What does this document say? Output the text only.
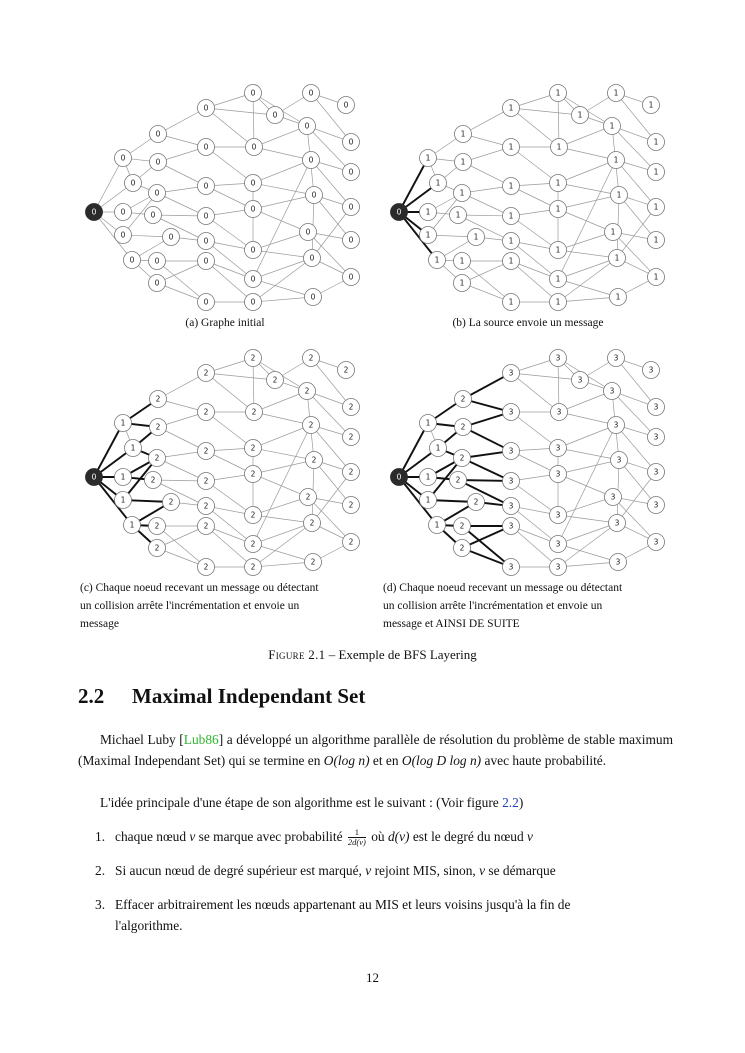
0
0
0
0
0
0
0
0
0
0
0
0
0
0
0
0
0
0
0
0
0
0
0
0
0
0
0
0
0
0
0
0
0
0
0
0
0
0
0
0
0
0
1
1
1
1
1
1
1
1
1
1
1
1
1
1
1
1
1
1
1
1
1
1
1
1
1
1
1
1
1
1
1
1
1
1
1
1
1
1
1
1
0
1
1
1
1
1
2
2
2
2
2
2
2
2
2
2
2
2
2
2
2
2
2
2
2
2
2
2
2
2
2
2
2
2
2
2
2
2
2
2
2
0
1
1
1
1
1
2
2
2
2
2
2
2
3
3
3
3
3
3
3
3
3
3
3
3
3
3
3
3
3
3
3
3
3
3
3
3
3
3
3
3
(a) Graphe initial	(b) La source envoie un message
(c) Chaque noeud recevant un message ou détectant
un collision arrête l'incrémentation et envoie un
message
(d) Chaque noeud recevant un message ou détectant
un collision arrête l'incrémentation et envoie un
message et AINSI DE SUITE
Figure 2.1 – Exemple de BFS Layering
2.2 Maximal Independant Set
Michael Luby [Lub86] a développé un algorithme parallèle de résolution du problème de stable maximum (Maximal Independant Set) qui se termine en O(log n) et en O(log D log n) avec haute probabilité.
L'idée principale d'une étape de son algorithme est le suivant : (Voir figure 2.2)
1. chaque nœud v se marque avec probabilité $\frac{1}{2d(v)}$ où d(v) est le degré du nœud v
2. Si aucun nœud de degré supérieur est marqué, v rejoint MIS, sinon, v se démarque
3. Effacer arbitrairement les nœuds appartenant au MIS et leurs voisins jusqu'à la fin de
l'algorithme.
12
